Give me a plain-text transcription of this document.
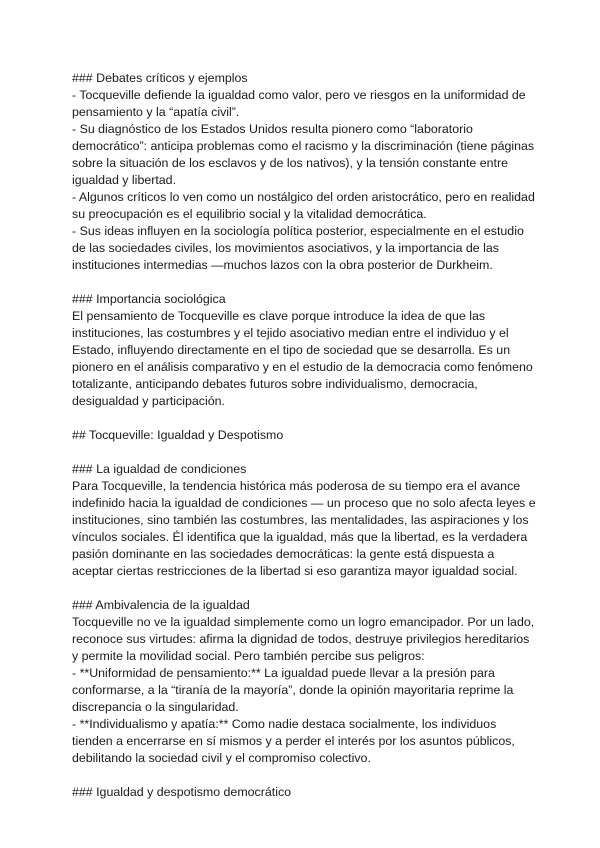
### Debates críticos y ejemplos
- Tocqueville defiende la igualdad como valor, pero ve riesgos en la uniformidad de
pensamiento y la “apatía civil”.
- Su diagnóstico de los Estados Unidos resulta pionero como “laboratorio
democrático”: anticipa problemas como el racismo y la discriminación (tiene páginas
sobre la situación de los esclavos y de los nativos), y la tensión constante entre
igualdad y libertad.
- Algunos críticos lo ven como un nostálgico del orden aristocrático, pero en realidad
su preocupación es el equilibrio social y la vitalidad democrática.
- Sus ideas influyen en la sociología política posterior, especialmente en el estudio
de las sociedades civiles, los movimientos asociativos, y la importancia de las
instituciones intermedias —muchos lazos con la obra posterior de Durkheim.
### Importancia sociológica
El pensamiento de Tocqueville es clave porque introduce la idea de que las
instituciones, las costumbres y el tejido asociativo median entre el individuo y el
Estado, influyendo directamente en el tipo de sociedad que se desarrolla. Es un
pionero en el análisis comparativo y en el estudio de la democracia como fenómeno
totalizante, anticipando debates futuros sobre individualismo, democracia,
desigualdad y participación.
## Tocqueville: Igualdad y Despotismo
### La igualdad de condiciones
Para Tocqueville, la tendencia histórica más poderosa de su tiempo era el avance
indefinido hacia la igualdad de condiciones — un proceso que no solo afecta leyes e
instituciones, sino también las costumbres, las mentalidades, las aspiraciones y los
vínculos sociales. Él identifica que la igualdad, más que la libertad, es la verdadera
pasión dominante en las sociedades democráticas: la gente está dispuesta a
aceptar ciertas restricciones de la libertad si eso garantiza mayor igualdad social.
### Ambivalencia de la igualdad
Tocqueville no ve la igualdad simplemente como un logro emancipador. Por un lado,
reconoce sus virtudes: afirma la dignidad de todos, destruye privilegios hereditarios
y permite la movilidad social. Pero también percibe sus peligros:
- **Uniformidad de pensamiento:** La igualdad puede llevar a la presión para
conformarse, a la “tiranía de la mayoría”, donde la opinión mayoritaria reprime la
discrepancia o la singularidad.
- **Individualismo y apatía:** Como nadie destaca socialmente, los individuos
tienden a encerrarse en sí mismos y a perder el interés por los asuntos públicos,
debilitando la sociedad civil y el compromiso colectivo.
### Igualdad y despotismo democrático
